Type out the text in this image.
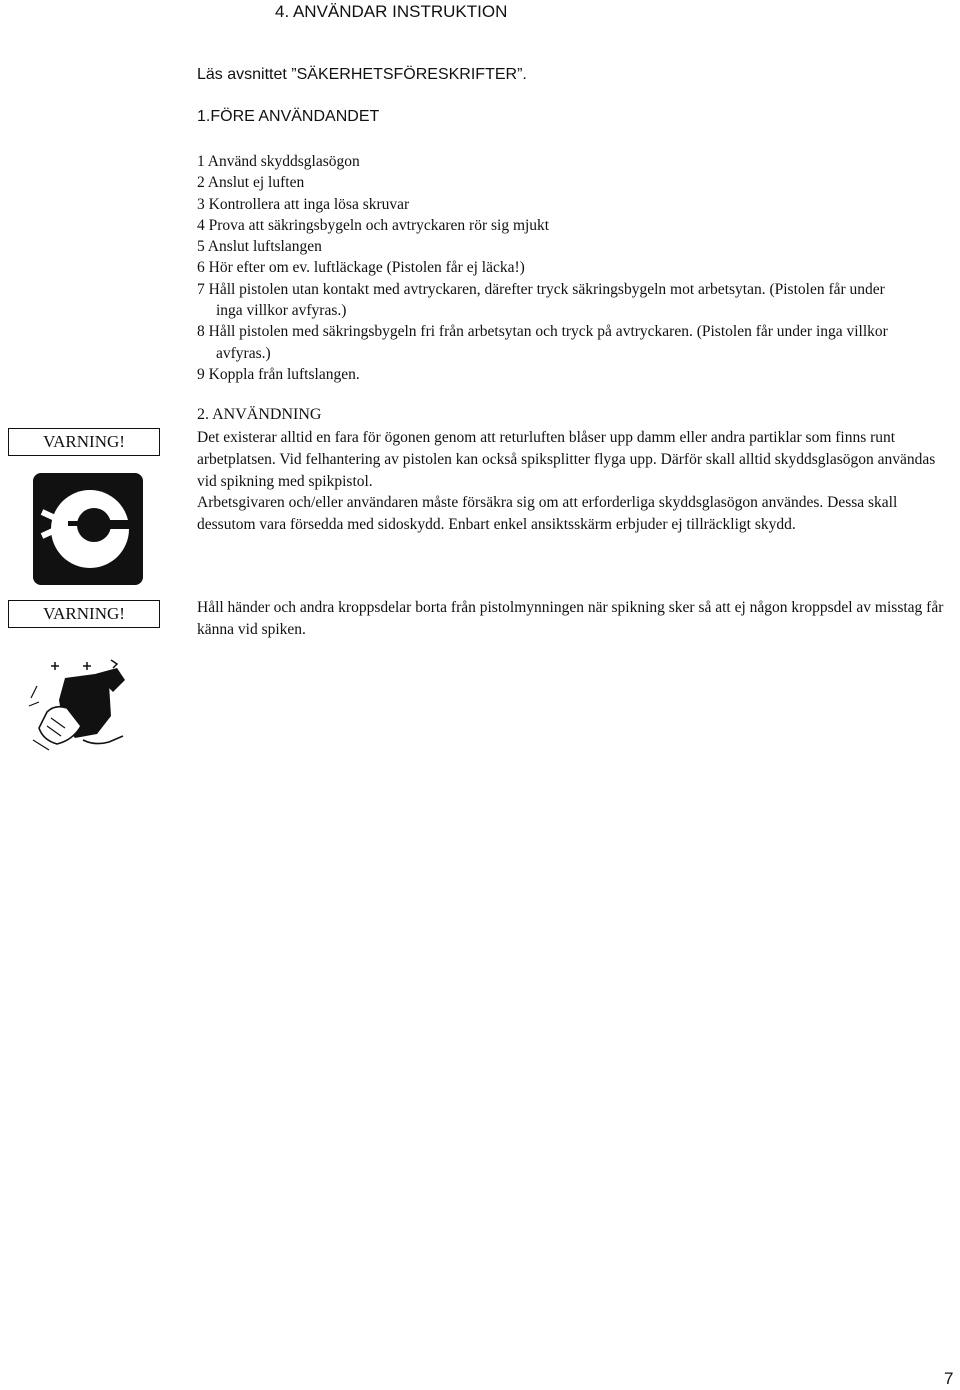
4. ANVÄNDAR INSTRUKTION
Läs avsnittet ”SÄKERHETSFÖRESKRIFTER”.
1.FÖRE ANVÄNDANDET
1 Använd skyddsglasögon
2 Anslut ej luften
3 Kontrollera att inga lösa skruvar
4 Prova att säkringsbygeln och avtryckaren rör sig mjukt
5 Anslut luftslangen
6 Hör efter om ev. luftläckage (Pistolen får ej läcka!)
7 Håll pistolen utan kontakt med avtryckaren, därefter tryck säkringsbygeln mot arbetsytan. (Pistolen får under inga villkor avfyras.)
8 Håll pistolen med säkringsbygeln fri från arbetsytan och tryck på avtryckaren. (Pistolen får under inga villkor avfyras.)
9 Koppla från luftslangen.
VARNING!
2. ANVÄNDNING

Det existerar alltid en fara för ögonen genom att returluften blåser upp damm eller andra partiklar som finns runt arbetplatsen. Vid felhantering av pistolen kan också spiksplitter flyga upp. Därför skall alltid skyddsglasögon användas vid spikning med spikpistol.

Arbetsgivaren och/eller användaren måste försäkra sig om att erforderliga skyddsglasögon användes. Dessa skall dessutom vara försedda med sidoskydd. Enbart enkel ansiktsskärm erbjuder ej tillräckligt skydd.

VARNING!	Håll händer och andra kroppsdelar borta från pistolmynningen när spikning sker så att ej någon kroppsdel av misstag får känna vid spiken.

7
